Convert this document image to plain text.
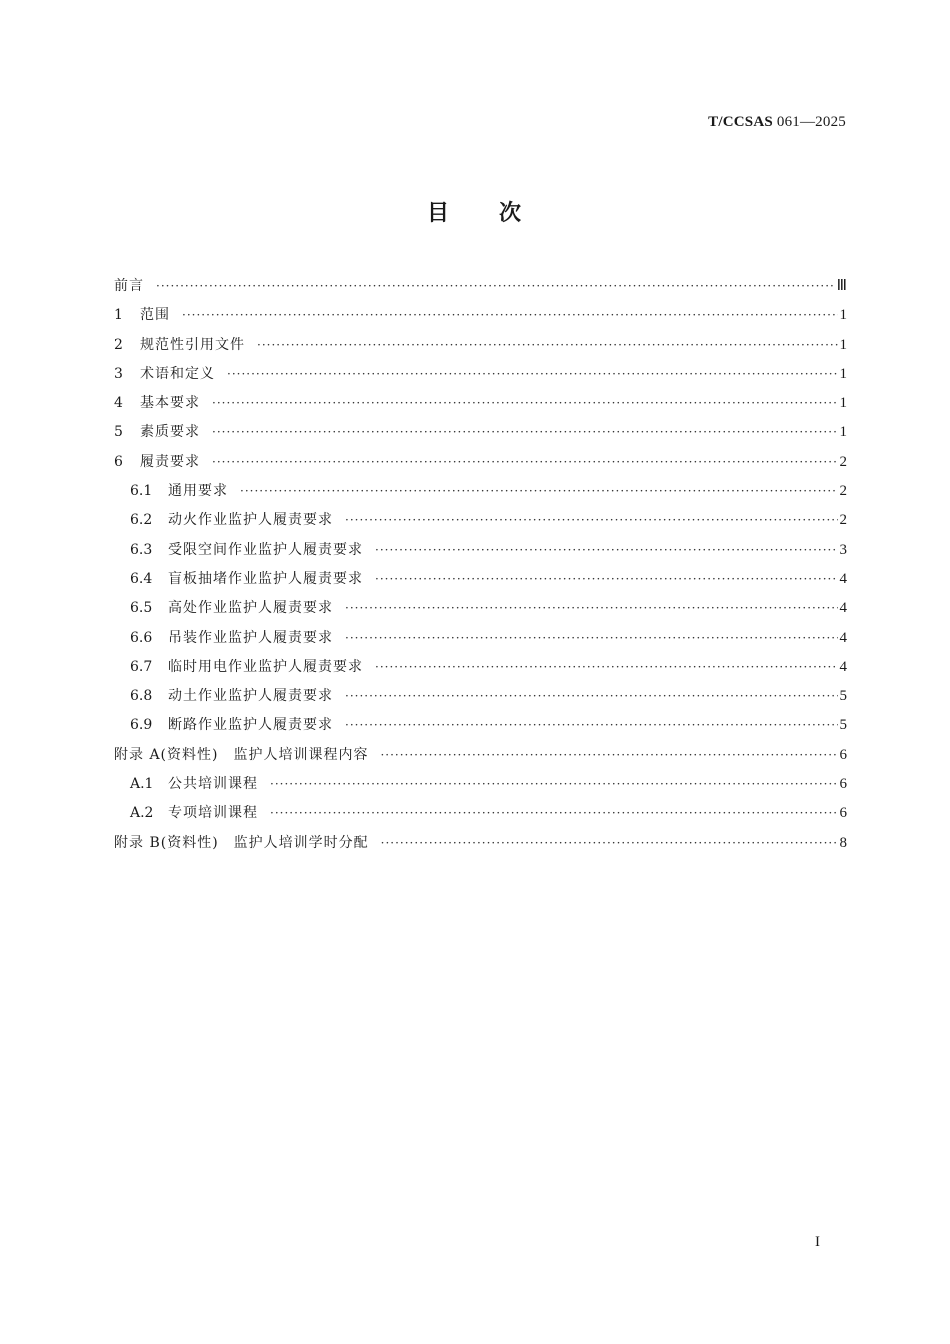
T/CCSAS 061—2025
目 次
前言 ·····	Ⅲ
1	范围 ·····	1
2	规范性引用文件 ·····	1
3	术语和定义 ·····	1
4	基本要求 ·····	1
5	素质要求 ·····	1
6	履责要求 ·····	2
6.1	通用要求 ·····	2
6.2	动火作业监护人履责要求 ·····	2
6.3	受限空间作业监护人履责要求 ·····	3
6.4	盲板抽堵作业监护人履责要求 ·····	4
6.5	高处作业监护人履责要求 ·····	4
6.6	吊装作业监护人履责要求 ·····	4
6.7	临时用电作业监护人履责要求 ·····	4
6.8	动土作业监护人履责要求 ·····	5
6.9	断路作业监护人履责要求 ·····	5
附录 A(资料性)　监护人培训课程内容 ·····	6
A.1	公共培训课程 ·····	6
A.2	专项培训课程 ·····	6
附录 B(资料性)　监护人培训学时分配 ·····	8
I
